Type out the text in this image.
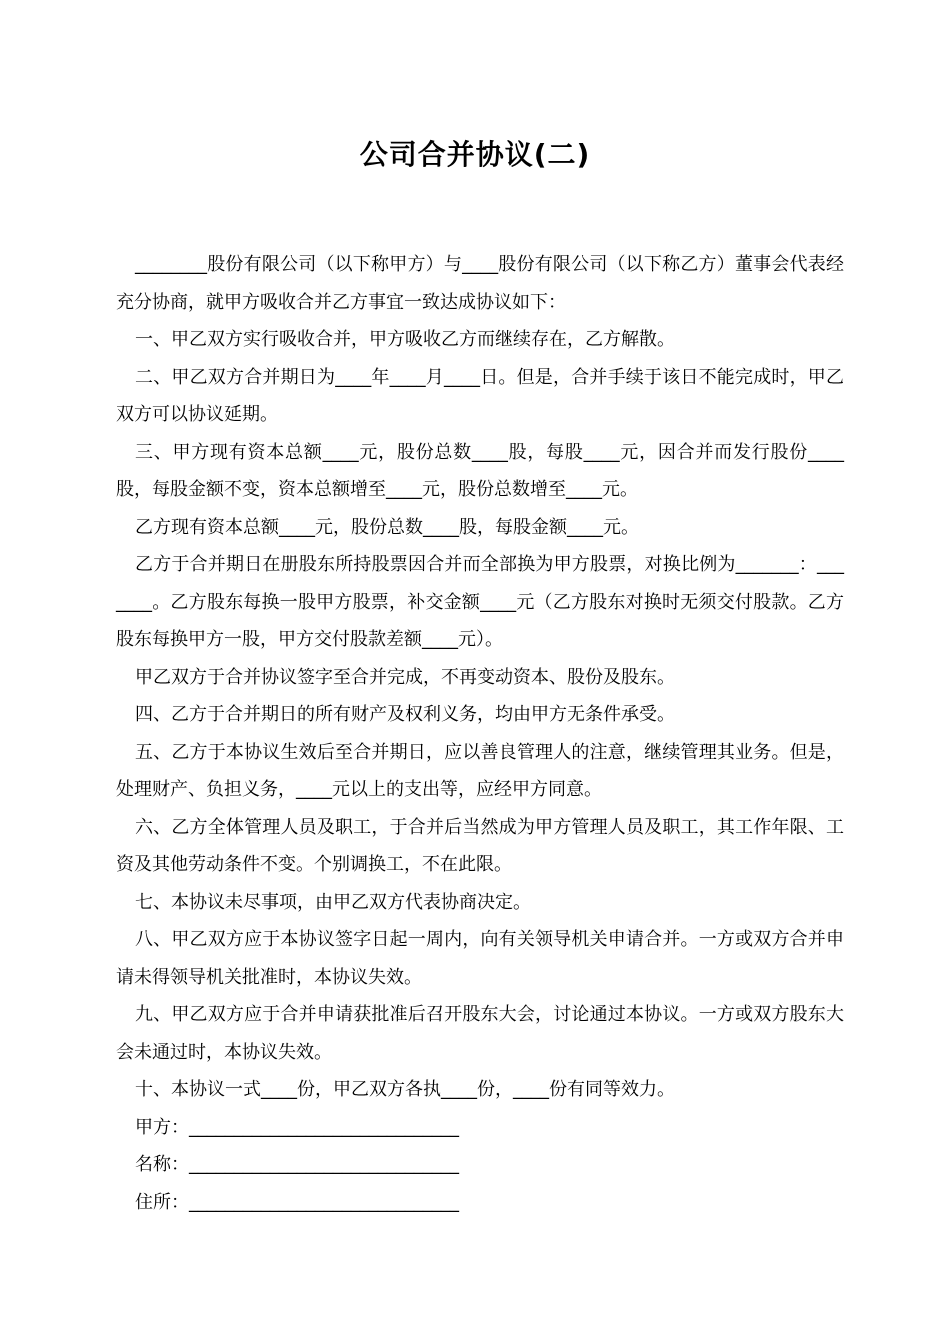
公司合并协议(二)

________股份有限公司（以下称甲方）与____股份有限公司（以下称乙方）董事会代表经充分协商，就甲方吸收合并乙方事宜一致达成协议如下：

一、甲乙双方实行吸收合并，甲方吸收乙方而继续存在，乙方解散。

二、甲乙双方合并期日为____年____月____日。但是，合并手续于该日不能完成时，甲乙双方可以协议延期。

三、甲方现有资本总额____元，股份总数____股，每股____元，因合并而发行股份____股，每股金额不变，资本总额增至____元，股份总数增至____元。

乙方现有资本总额____元，股份总数____股，每股金额____元。

乙方于合并期日在册股东所持股票因合并而全部换为甲方股票，对换比例为_______：_______。乙方股东每换一股甲方股票，补交金额____元（乙方股东对换时无须交付股款。乙方股东每换甲方一股，甲方交付股款差额____元）。

甲乙双方于合并协议签字至合并完成，不再变动资本、股份及股东。

四、乙方于合并期日的所有财产及权利义务，均由甲方无条件承受。

五、乙方于本协议生效后至合并期日，应以善良管理人的注意，继续管理其业务。但是，处理财产、负担义务，____元以上的支出等，应经甲方同意。

六、乙方全体管理人员及职工，于合并后当然成为甲方管理人员及职工，其工作年限、工资及其他劳动条件不变。个别调换工，不在此限。

七、本协议未尽事项，由甲乙双方代表协商决定。

八、甲乙双方应于本协议签字日起一周内，向有关领导机关申请合并。一方或双方合并申请未得领导机关批准时，本协议失效。

九、甲乙双方应于合并申请获批准后召开股东大会，讨论通过本协议。一方或双方股东大会未通过时，本协议失效。

十、本协议一式____份，甲乙双方各执____份，____份有同等效力。

甲方：______________________________

名称：______________________________

住所：______________________________
